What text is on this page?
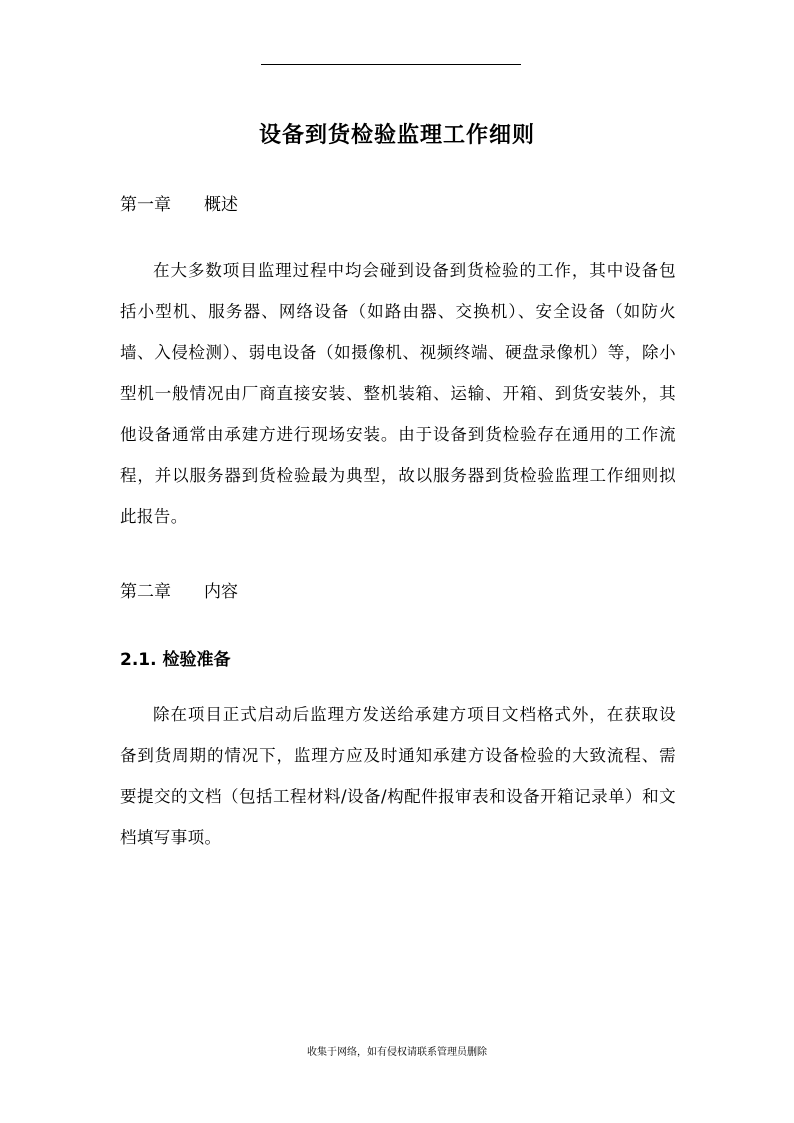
设备到货检验监理工作细则
第一章 概述

在大多数项目监理过程中均会碰到设备到货检验的工作，其中设备包括小型机、服务器、网络设备（如路由器、交换机）、安全设备（如防火墙、入侵检测）、弱电设备（如摄像机、视频终端、硬盘录像机）等，除小型机一般情况由厂商直接安装、整机装箱、运输、开箱、到货安装外，其他设备通常由承建方进行现场安装。由于设备到货检验存在通用的工作流程，并以服务器到货检验最为典型，故以服务器到货检验监理工作细则拟此报告。

第二章 内容
2.1. 检验准备

除在项目正式启动后监理方发送给承建方项目文档格式外，在获取设备到货周期的情况下，监理方应及时通知承建方设备检验的大致流程、需要提交的文档（包括工程材料/设备/构配件报审表和设备开箱记录单）和文档填写事项。

收集于网络，如有侵权请联系管理员删除
